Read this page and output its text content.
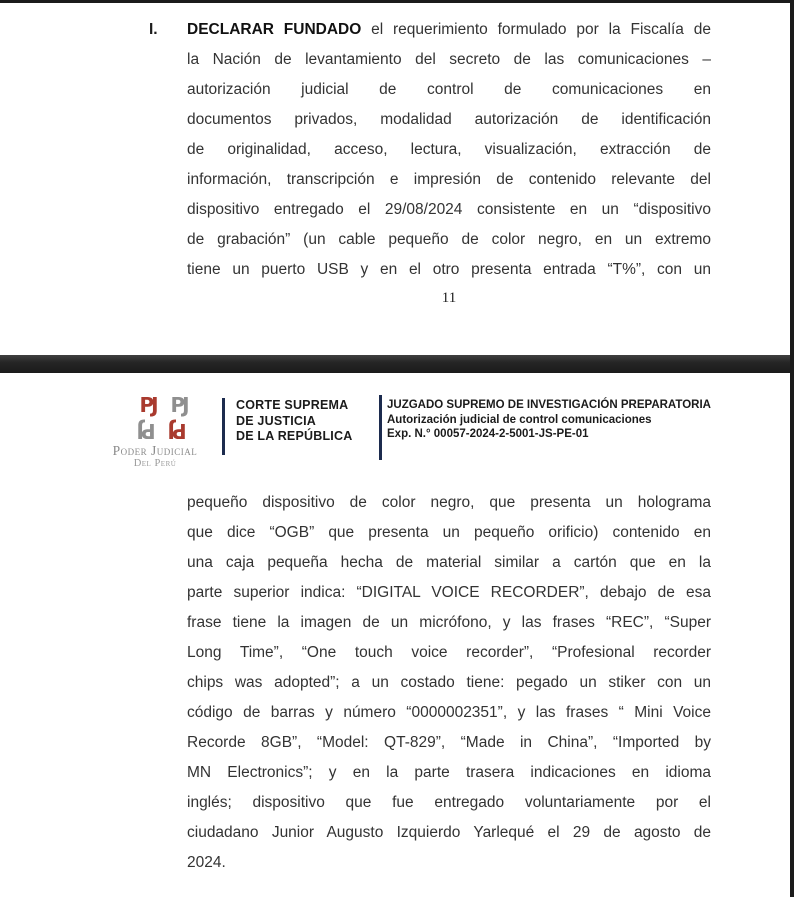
I. DECLARAR FUNDADO el requerimiento formulado por la Fiscalía de
la Nación de levantamiento del secreto de las comunicaciones –
autorización judicial de control de comunicaciones en
documentos privados, modalidad autorización de identificación
de originalidad, acceso, lectura, visualización, extracción de
información, transcripción e impresión de contenido relevante del
dispositivo entregado el 29/08/2024 consistente en un “dispositivo
de grabación” (un cable pequeño de color negro, en un extremo
tiene un puerto USB y en el otro presenta entrada “T%”, con un
11
PJ PJ
PJ PJ
Poder Judicial
Del Perú
CORTE SUPREMA
DE JUSTICIA
DE LA REPÚBLICA
JUZGADO SUPREMO DE INVESTIGACIÓN PREPARATORIA
Autorización judicial de control comunicaciones
Exp. N.° 00057-2024-2-5001-JS-PE-01
pequeño dispositivo de color negro, que presenta un holograma
que dice “OGB” que presenta un pequeño orificio) contenido en
una caja pequeña hecha de material similar a cartón que en la
parte superior indica: “DIGITAL VOICE RECORDER”, debajo de esa
frase tiene la imagen de un micrófono, y las frases “REC”, “Super
Long Time”, “One touch voice recorder”, “Profesional recorder
chips was adopted”; a un costado tiene: pegado un stiker con un
código de barras y número “0000002351”, y las frases “ Mini Voice
Recorde 8GB”, “Model: QT-829”, “Made in China”, “Imported by
MN Electronics”; y en la parte trasera indicaciones en idioma
inglés; dispositivo que fue entregado voluntariamente por el
ciudadano Junior Augusto Izquierdo Yarlequé el 29 de agosto de
2024.
